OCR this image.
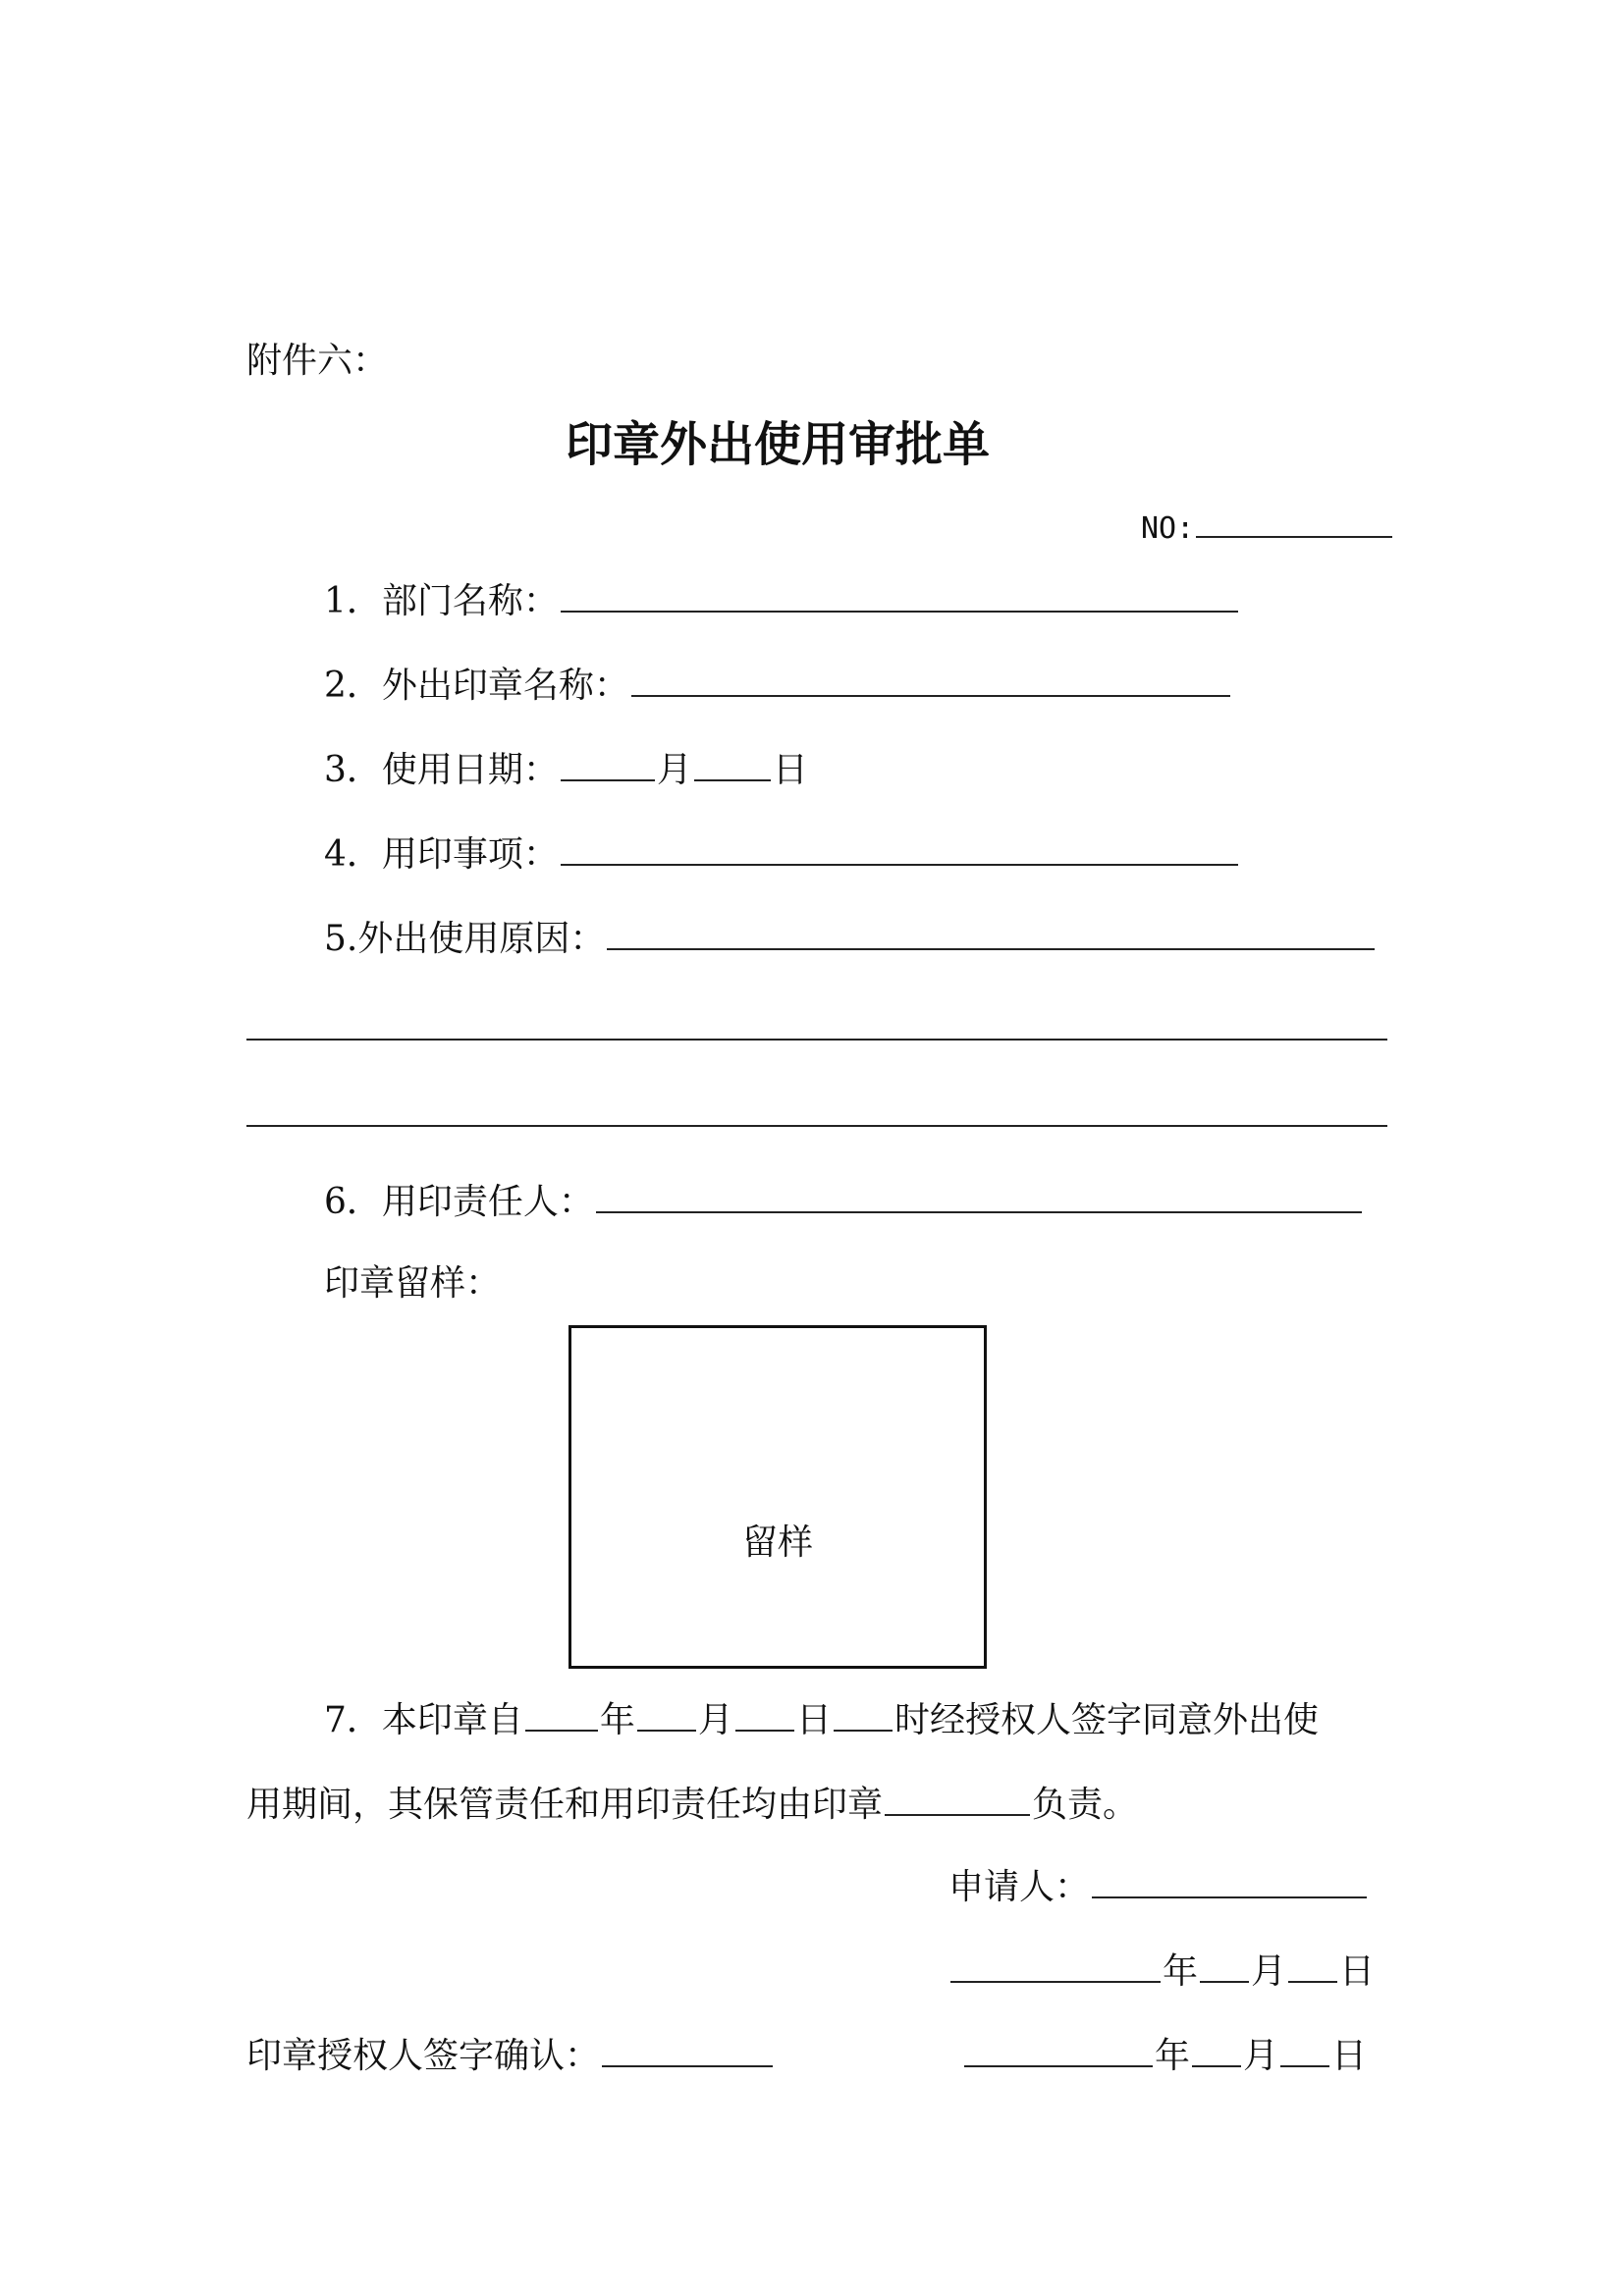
附件六：
印章外出使用审批单
NO:
1．部门名称：
2．外出印章名称：
3．使用日期：	月 日
4．用印事项：
5.外出使用原因：
6．用印责任人：
印章留样：
留样
7．本印章自 年 月 日 时经授权人签字同意外出使
用期间，其保管责任和用印责任均由印章	负责。
申请人：
年 月 日
印章授权人签字确认：	年 月 日
